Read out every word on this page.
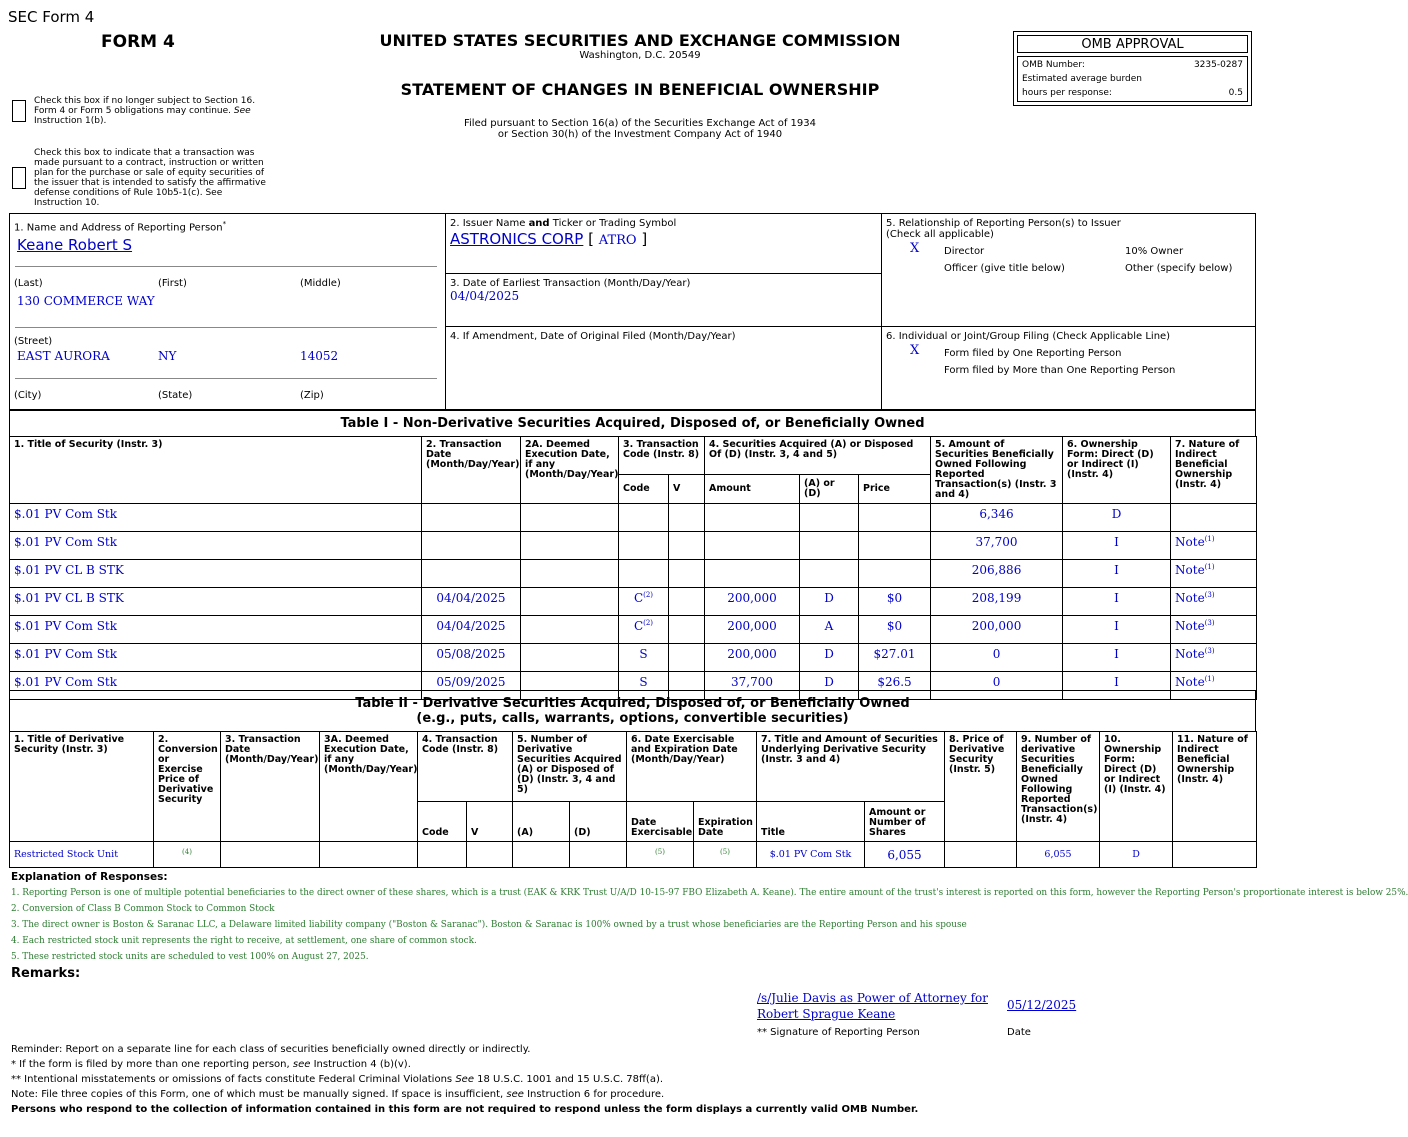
SEC Form 4
FORM 4
Check this box if no longer subject to Section 16. Form 4 or Form 5 obligations may continue. See Instruction 1(b).
Check this box to indicate that a transaction was made pursuant to a contract, instruction or written plan for the purchase or sale of equity securities of the issuer that is intended to satisfy the affirmative defense conditions of Rule 10b5-1(c). See Instruction 10.
UNITED STATES SECURITIES AND EXCHANGE COMMISSION
Washington, D.C. 20549
STATEMENT OF CHANGES IN BENEFICIAL OWNERSHIP
Filed pursuant to Section 16(a) of the Securities Exchange Act of 1934
or Section 30(h) of the Investment Company Act of 1940
OMB APPROVAL
OMB Number:	3235-0287
Estimated average burden
hours per response:	0.5
1. Name and Address of Reporting Person*
Keane Robert S
(Last)	(First)	(Middle)
130 COMMERCE WAY
(Street)
EAST AURORA	NY	14052
(City)	(State)	(Zip)
2. Issuer Name and Ticker or Trading Symbol
ASTRONICS CORP [ ATRO ]
3. Date of Earliest Transaction (Month/Day/Year)
04/04/2025
4. If Amendment, Date of Original Filed (Month/Day/Year)
5. Relationship of Reporting Person(s) to Issuer
(Check all applicable)
X Director	10% Owner
Officer (give title below)	Other (specify below)
6. Individual or Joint/Group Filing (Check Applicable Line)
X Form filed by One Reporting Person
Form filed by More than One Reporting Person
Table I - Non-Derivative Securities Acquired, Disposed of, or Beneficially Owned
1. Title of Security (Instr. 3)	2. Transaction Date (Month/Day/Year)	2A. Deemed Execution Date, if any (Month/Day/Year)	3. Transaction Code (Instr. 8)		4. Securities Acquired (A) or Disposed Of (D) (Instr. 3, 4 and 5)			5. Amount of Securities Beneficially Owned Following Reported Transaction(s) (Instr. 3 and 4)	6. Ownership Form: Direct (D) or Indirect (I) (Instr. 4)	7. Nature of Indirect Beneficial Ownership (Instr. 4)
			Code	V	Amount	(A) or (D)	Price			
$.01 PV Com Stk								6,346	D	
$.01 PV Com Stk								37,700	I	Note$^{(1)}$
$.01 PV CL B STK								206,886	I	Note$^{(1)}$
$.01 PV CL B STK	04/04/2025		$C^{(2)}$		200,000	D	$0	208,199	I	Note$^{(3)}$
$.01 PV Com Stk	04/04/2025		$C^{(2)}$		200,000	A	$0	200,000	I	Note$^{(3)}$
$.01 PV Com Stk	05/08/2025		S		200,000	D	$27.01	0	I	Note$^{(3)}$
$.01 PV Com Stk	05/09/2025		S		37,700	D	$26.5	0	I	Note$^{(1)}$
Table II - Derivative Securities Acquired, Disposed of, or Beneficially Owned
(e.g., puts, calls, warrants, options, convertible securities)
1. Title of Derivative Security (Instr. 3)	2. Conversion or Exercise Price of Derivative Security	3. Transaction Date (Month/Day/Year)	3A. Deemed Execution Date, if any (Month/Day/Year)	4. Transaction Code (Instr. 8)		5. Number of Derivative Securities Acquired (A) or Disposed of (D) (Instr. 3, 4 and 5)		6. Date Exercisable and Expiration Date (Month/Day/Year)		7. Title and Amount of Securities Underlying Derivative Security (Instr. 3 and 4)		8. Price of Derivative Security (Instr. 5)	9. Number of derivative Securities Beneficially Owned Following Reported Transaction(s) (Instr. 4)	10. Ownership Form: Direct (D) or Indirect (I) (Instr. 4)	11. Nature of Indirect Beneficial Ownership (Instr. 4)
				Code	V	(A)	(D)	Date Exercisable	Expiration Date	Title	Amount or Number of Shares				
Restricted Stock Unit	$^{(4)}$							$^{(5)}$	$^{(5)}$	$.01 PV Com Stk	6,055		6,055	D	
Explanation of Responses:
1. Reporting Person is one of multiple potential beneficiaries to the direct owner of these shares, which is a trust (EAK & KRK Trust U/A/D 10-15-97 FBO Elizabeth A. Keane). The entire amount of the trust's interest is reported on this form, however the Reporting Person's proportionate interest is below 25%.
2. Conversion of Class B Common Stock to Common Stock
3. The direct owner is Boston & Saranac LLC, a Delaware limited liability company ("Boston & Saranac"). Boston & Saranac is 100% owned by a trust whose beneficiaries are the Reporting Person and his spouse
4. Each restricted stock unit represents the right to receive, at settlement, one share of common stock.
5. These restricted stock units are scheduled to vest 100% on August 27, 2025.
Remarks:
/s/Julie Davis as Power of Attorney for Robert Sprague Keane
05/12/2025
** Signature of Reporting Person	Date
Reminder: Report on a separate line for each class of securities beneficially owned directly or indirectly.
* If the form is filed by more than one reporting person, see Instruction 4 (b)(v).
** Intentional misstatements or omissions of facts constitute Federal Criminal Violations See 18 U.S.C. 1001 and 15 U.S.C. 78ff(a).
Note: File three copies of this Form, one of which must be manually signed. If space is insufficient, see Instruction 6 for procedure.
Persons who respond to the collection of information contained in this form are not required to respond unless the form displays a currently valid OMB Number.
